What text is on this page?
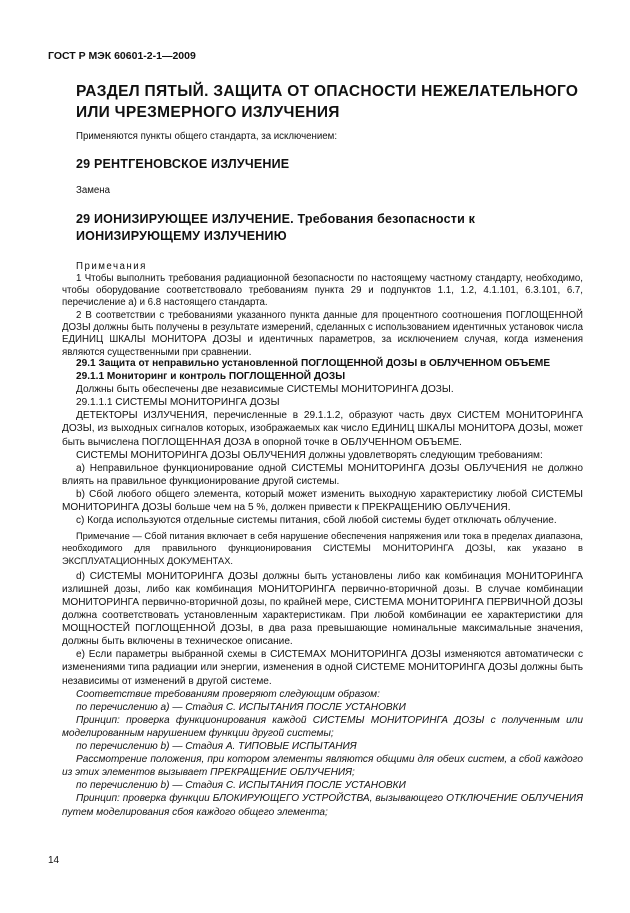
ГОСТ Р МЭК 60601-2-1—2009
РАЗДЕЛ ПЯТЫЙ. ЗАЩИТА ОТ ОПАСНОСТИ НЕЖЕЛАТЕЛЬНОГО ИЛИ ЧРЕЗМЕРНОГО ИЗЛУЧЕНИЯ
Применяются пункты общего стандарта, за исключением:
29 РЕНТГЕНОВСКОЕ ИЗЛУЧЕНИЕ
Замена
29 ИОНИЗИРУЮЩЕЕ ИЗЛУЧЕНИЕ. Требования безопасности к ИОНИЗИРУЮЩЕМУ ИЗЛУЧЕНИЮ
Примечания
1 Чтобы выполнить требования радиационной безопасности по настоящему частному стандарту, необходимо, чтобы оборудование соответствовало требованиям пункта 29 и подпунктов 1.1, 1.2, 4.1.101, 6.3.101, 6.7, перечисление а) и 6.8 настоящего стандарта.
2 В соответствии с требованиями указанного пункта данные для процентного соотношения ПОГЛОЩЕННОЙ ДОЗЫ должны быть получены в результате измерений, сделанных с использованием идентичных установок числа ЕДИНИЦ ШКАЛЫ МОНИТОРА ДОЗЫ и идентичных параметров, за исключением случая, когда изменения являются существенными при сравнении.

29.1 Защита от неправильно установленной ПОГЛОЩЕННОЙ ДОЗЫ в ОБЛУЧЕННОМ ОБЪЕМЕ

29.1.1 Мониторинг и контроль ПОГЛОЩЕННОЙ ДОЗЫ

Должны быть обеспечены две независимые СИСТЕМЫ МОНИТОРИНГА ДОЗЫ.

29.1.1.1 СИСТЕМЫ МОНИТОРИНГА ДОЗЫ

ДЕТЕКТОРЫ ИЗЛУЧЕНИЯ, перечисленные в 29.1.1.2, образуют часть двух СИСТЕМ МОНИТОРИНГА ДОЗЫ, из выходных сигналов которых, изображаемых как число ЕДИНИЦ ШКАЛЫ МОНИТОРА ДОЗЫ, может быть вычислена ПОГЛОЩЕННАЯ ДОЗА в опорной точке в ОБЛУЧЕННОМ ОБЪЕМЕ.

СИСТЕМЫ МОНИТОРИНГА ДОЗЫ ОБЛУЧЕНИЯ должны удовлетворять следующим требованиям:

а) Неправильное функционирование одной СИСТЕМЫ МОНИТОРИНГА ДОЗЫ ОБЛУЧЕНИЯ не должно влиять на правильное функционирование другой системы.

b) Сбой любого общего элемента, который может изменить выходную характеристику любой СИСТЕМЫ МОНИТОРИНГА ДОЗЫ больше чем на 5 %, должен привести к ПРЕКРАЩЕНИЮ ОБЛУЧЕНИЯ.

с) Когда используются отдельные системы питания, сбой любой системы будет отключать облучение.

Примечание — Сбой питания включает в себя нарушение обеспечения напряжения или тока в пределах диапазона, необходимого для правильного функционирования СИСТЕМЫ МОНИТОРИНГА ДОЗЫ, как указано в ЭКСПЛУАТАЦИОННЫХ ДОКУМЕНТАХ.

d) СИСТЕМЫ МОНИТОРИНГА ДОЗЫ должны быть установлены либо как комбинация МОНИТОРИНГА излишней дозы, либо как комбинация МОНИТОРИНГА первично-вторичной дозы. В случае комбинации МОНИТОРИНГА первично-вторичной дозы, по крайней мере, СИСТЕМА МОНИТОРИНГА ПЕРВИЧНОЙ ДОЗЫ должна соответствовать установленным характеристикам. При любой комбинации ее характеристики для МОЩНОСТЕЙ ПОГЛОЩЕННОЙ ДОЗЫ, в два раза превышающие номинальные максимальные значения, должны быть включены в техническое описание.

е) Если параметры выбранной схемы в СИСТЕМАХ МОНИТОРИНГА ДОЗЫ изменяются автоматически с изменениями типа радиации или энергии, изменения в одной СИСТЕМЕ МОНИТОРИНГА ДОЗЫ должны быть независимы от изменений в другой системе.

Соответствие требованиям проверяют следующим образом:

по перечислению а) — Стадия С. ИСПЫТАНИЯ ПОСЛЕ УСТАНОВКИ

Принцип: проверка функционирования каждой СИСТЕМЫ МОНИТОРИНГА ДОЗЫ с полученным или моделированным нарушением функции другой системы;

по перечислению b) — Стадия А. ТИПОВЫЕ ИСПЫТАНИЯ

Рассмотрение положения, при котором элементы являются общими для обеих систем, а сбой каждого из этих элементов вызывает ПРЕКРАЩЕНИЕ ОБЛУЧЕНИЯ;

по перечислению b) — Стадия С. ИСПЫТАНИЯ ПОСЛЕ УСТАНОВКИ

Принцип: проверка функции БЛОКИРУЮЩЕГО УСТРОЙСТВА, вызывающего ОТКЛЮЧЕНИЕ ОБЛУЧЕНИЯ путем моделирования сбоя каждого общего элемента;

14
